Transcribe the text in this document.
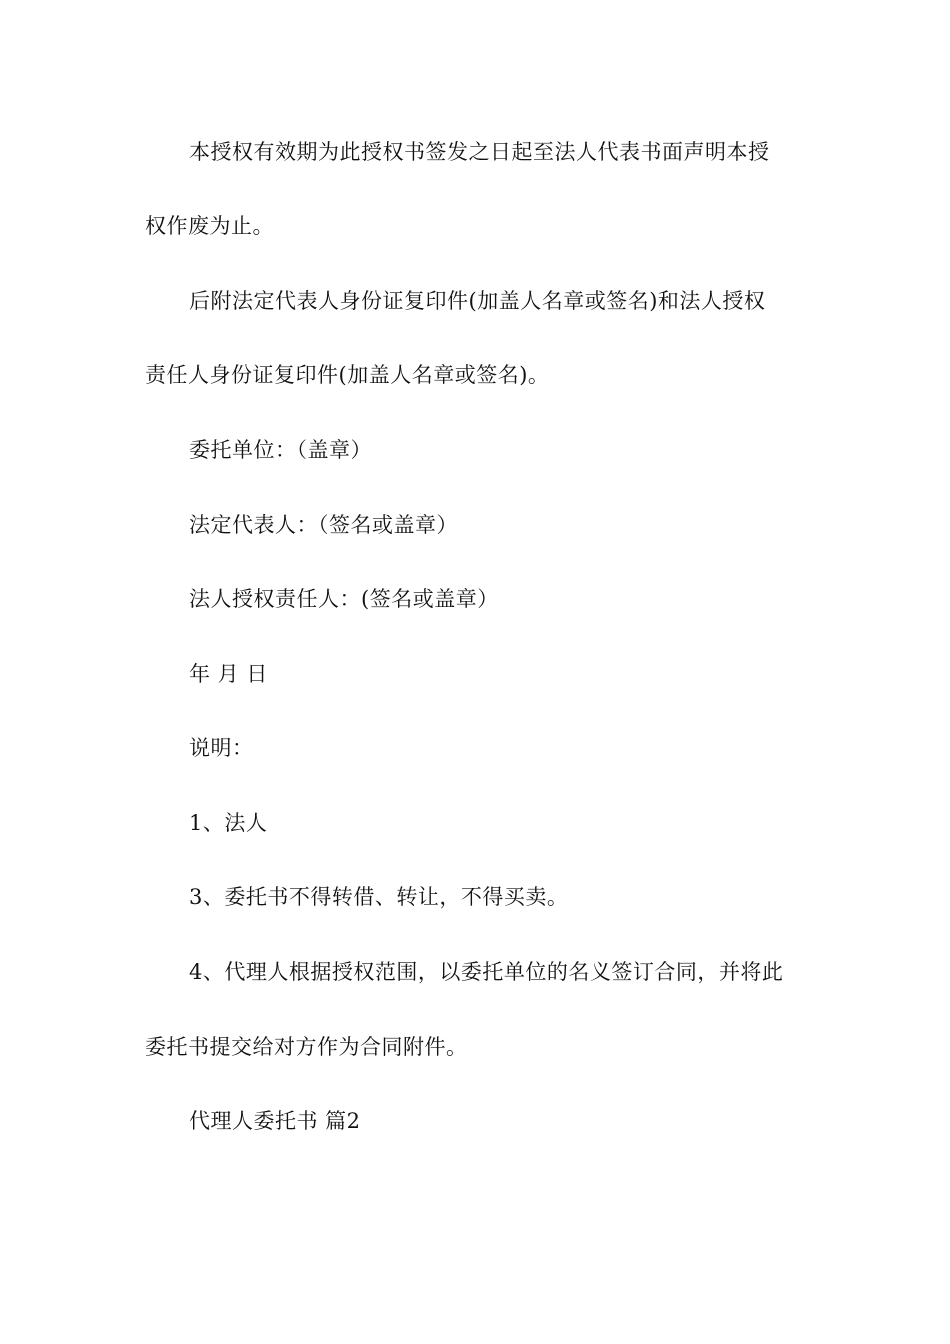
本授权有效期为此授权书签发之日起至法人代表书面声明本授
权作废为止。
后附法定代表人身份证复印件(加盖人名章或签名)和法人授权
责任人身份证复印件(加盖人名章或签名)。
委托单位：（盖章）
法定代表人：（签名或盖章）
法人授权责任人：(签名或盖章）
年 月 日
说明：
1、法人
3、委托书不得转借、转让，不得买卖。
4、代理人根据授权范围，以委托单位的名义签订合同，并将此
委托书提交给对方作为合同附件。
代理人委托书 篇2
